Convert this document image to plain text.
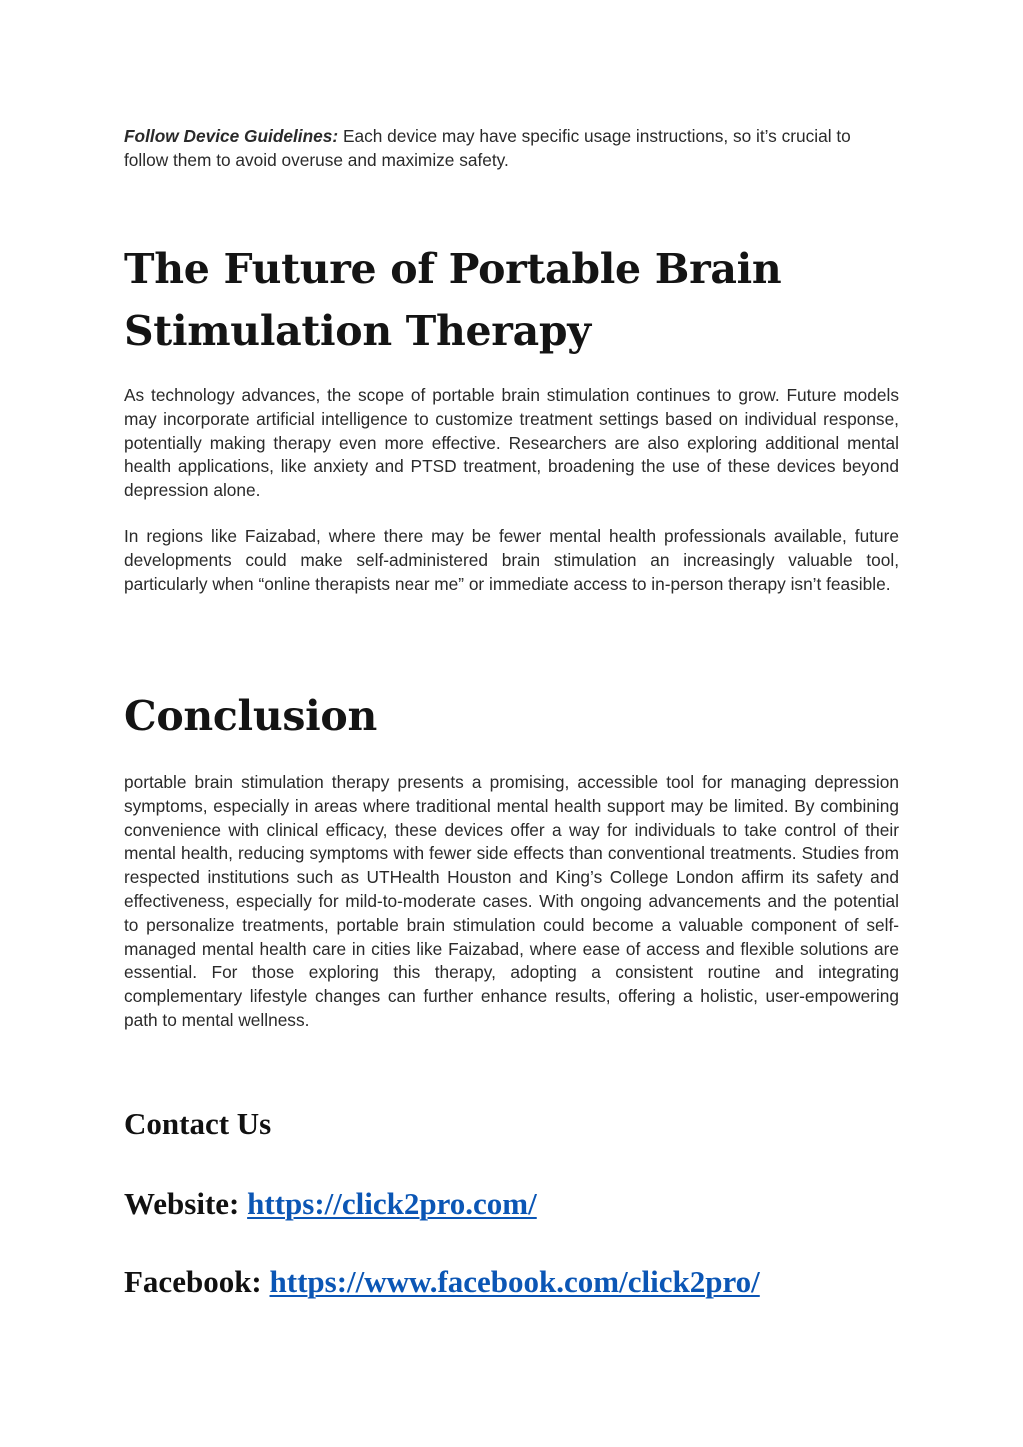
Follow Device Guidelines: Each device may have specific usage instructions, so it’s crucial to follow them to avoid overuse and maximize safety.

The Future of Portable Brain Stimulation Therapy

As technology advances, the scope of portable brain stimulation continues to grow. Future models may incorporate artificial intelligence to customize treatment settings based on individual response, potentially making therapy even more effective. Researchers are also exploring additional mental health applications, like anxiety and PTSD treatment, broadening the use of these devices beyond depression alone.

In regions like Faizabad, where there may be fewer mental health professionals available, future developments could make self-administered brain stimulation an increasingly valuable tool, particularly when “online therapists near me” or immediate access to in-person therapy isn’t feasible.

Conclusion

portable brain stimulation therapy presents a promising, accessible tool for managing depression symptoms, especially in areas where traditional mental health support may be limited. By combining convenience with clinical efficacy, these devices offer a way for individuals to take control of their mental health, reducing symptoms with fewer side effects than conventional treatments. Studies from respected institutions such as UTHealth Houston and King’s College London affirm its safety and effectiveness, especially for mild-to-moderate cases. With ongoing advancements and the potential to personalize treatments, portable brain stimulation could become a valuable component of self-managed mental health care in cities like Faizabad, where ease of access and flexible solutions are essential. For those exploring this therapy, adopting a consistent routine and integrating complementary lifestyle changes can further enhance results, offering a holistic, user-empowering path to mental wellness.

Contact Us

Website: https://click2pro.com/

Facebook: https://www.facebook.com/click2pro/
